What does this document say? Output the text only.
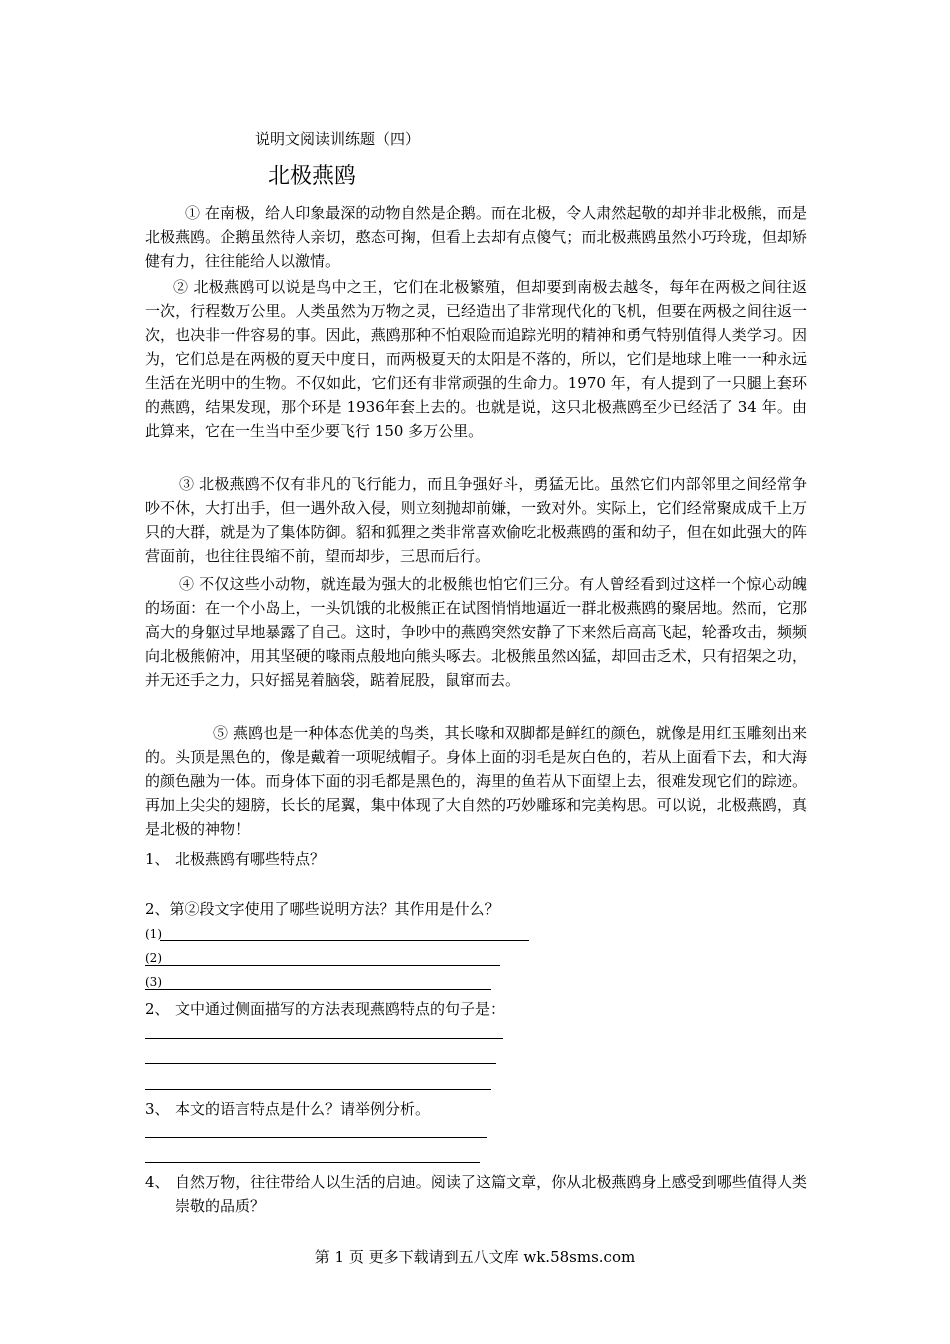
说明文阅读训练题（四）
北极燕鸥
① 在南极，给人印象最深的动物自然是企鹅。而在北极，令人肃然起敬的却并非北极熊，而是北极燕鸥。企鹅虽然待人亲切，憨态可掬，但看上去却有点傻气；而北极燕鸥虽然小巧玲珑，但却矫健有力，往往能给人以激情。
② 北极燕鸥可以说是鸟中之王，它们在北极繁殖，但却要到南极去越冬，每年在两极之间往返一次，行程数万公里。人类虽然为万物之灵，已经造出了非常现代化的飞机，但要在两极之间往返一次，也决非一件容易的事。因此，燕鸥那种不怕艰险而追踪光明的精神和勇气特别值得人类学习。因为，它们总是在两极的夏天中度日，而两极夏天的太阳是不落的，所以，它们是地球上唯一一种永远生活在光明中的生物。不仅如此，它们还有非常顽强的生命力。1970 年，有人提到了一只腿上套环的燕鸥，结果发现，那个环是 1936年套上去的。也就是说，这只北极燕鸥至少已经活了 34 年。由此算来，它在一生当中至少要飞行 150 多万公里。
③ 北极燕鸥不仅有非凡的飞行能力，而且争强好斗，勇猛无比。虽然它们内部邻里之间经常争吵不休，大打出手，但一遇外敌入侵，则立刻抛却前嫌，一致对外。实际上，它们经常聚成成千上万只的大群，就是为了集体防御。貂和狐狸之类非常喜欢偷吃北极燕鸥的蛋和幼子，但在如此强大的阵营面前，也往往畏缩不前，望而却步，三思而后行。
④ 不仅这些小动物，就连最为强大的北极熊也怕它们三分。有人曾经看到过这样一个惊心动魄的场面：在一个小岛上，一头饥饿的北极熊正在试图悄悄地逼近一群北极燕鸥的聚居地。然而，它那高大的身躯过早地暴露了自己。这时，争吵中的燕鸥突然安静了下来然后高高飞起，轮番攻击，频频向北极熊俯冲，用其坚硬的喙雨点般地向熊头啄去。北极熊虽然凶猛，却回击乏术，只有招架之功，并无还手之力，只好摇晃着脑袋，踮着屁股，鼠窜而去。
⑤ 燕鸥也是一种体态优美的鸟类，其长喙和双脚都是鲜红的颜色，就像是用红玉雕刻出来的。头顶是黑色的，像是戴着一项呢绒帽子。身体上面的羽毛是灰白色的，若从上面看下去，和大海的颜色融为一体。而身体下面的羽毛都是黑色的，海里的鱼若从下面望上去，很难发现它们的踪迹。再加上尖尖的翅膀，长长的尾翼，集中体现了大自然的巧妙雕琢和完美构思。可以说，北极燕鸥，真是北极的神物！
1、 北极燕鸥有哪些特点？
2、第②段文字使用了哪些说明方法？其作用是什么？
(1)
(2)
(3)
2、 文中通过侧面描写的方法表现燕鸥特点的句子是：
3、 本文的语言特点是什么？请举例分析。
4、 自然万物，往往带给人以生活的启迪。阅读了这篇文章，你从北极燕鸥身上感受到哪些值得人类崇敬的品质？
第 1 页 更多下载请到五八文库 wk.58sms.com
